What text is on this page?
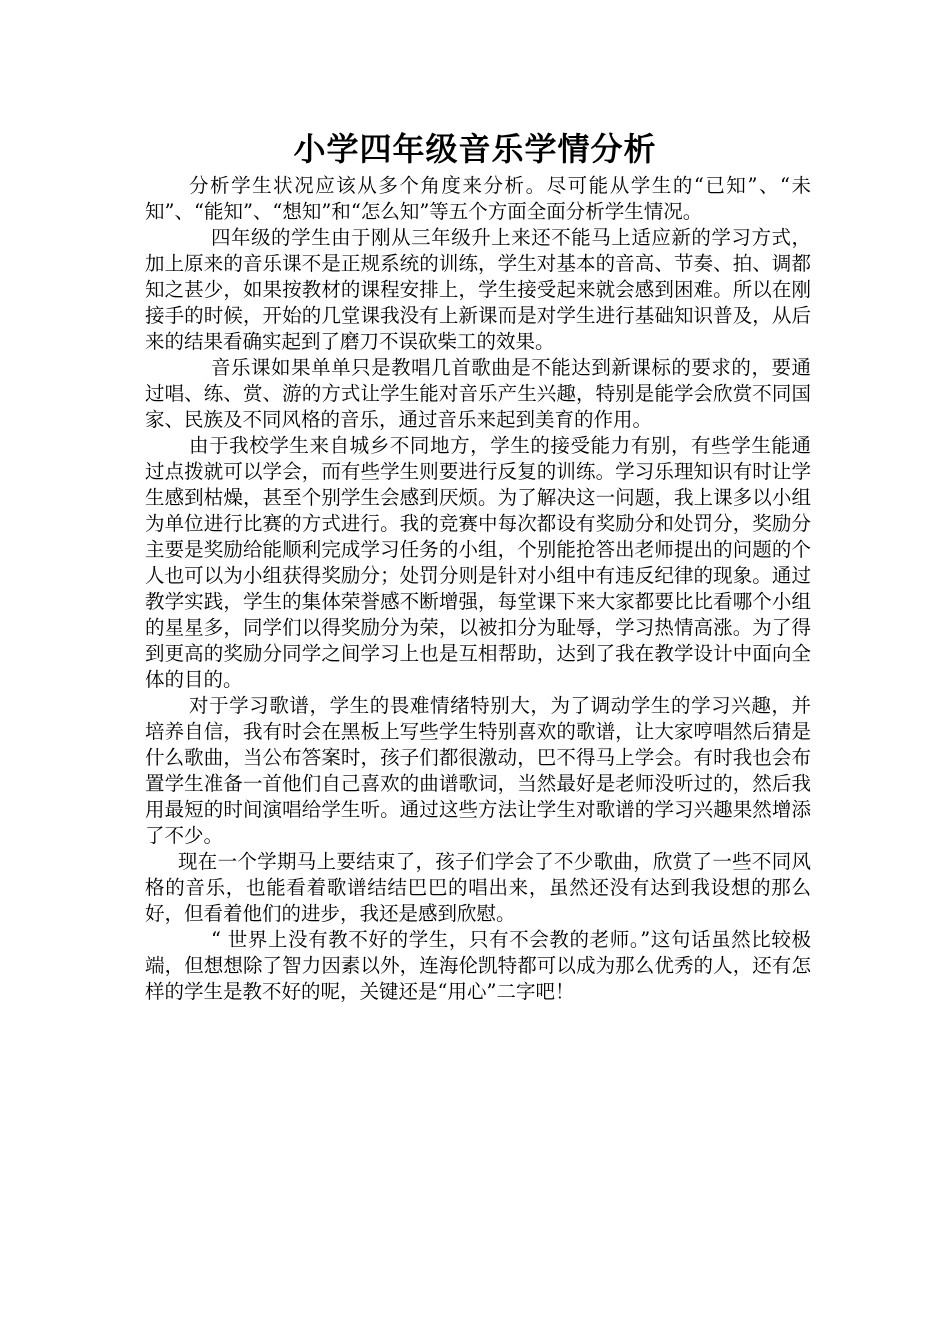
小学四年级音乐学情分析

分析学生状况应该从多个角度来分析。尽可能从学生的“已知”、“未知”、“能知”、“想知”和“怎么知”等五个方面全面分析学生情况。

四年级的学生由于刚从三年级升上来还不能马上适应新的学习方式，加上原来的音乐课不是正规系统的训练，学生对基本的音高、节奏、拍、调都知之甚少，如果按教材的课程安排上，学生接受起来就会感到困难。所以在刚接手的时候，开始的几堂课我没有上新课而是对学生进行基础知识普及，从后来的结果看确实起到了磨刀不误砍柴工的效果。

音乐课如果单单只是教唱几首歌曲是不能达到新课标的要求的，要通过唱、练、赏、游的方式让学生能对音乐产生兴趣，特别是能学会欣赏不同国家、民族及不同风格的音乐，通过音乐来起到美育的作用。

由于我校学生来自城乡不同地方，学生的接受能力有别，有些学生能通过点拨就可以学会，而有些学生则要进行反复的训练。学习乐理知识有时让学生感到枯燥，甚至个别学生会感到厌烦。为了解决这一问题，我上课多以小组为单位进行比赛的方式进行。我的竞赛中每次都设有奖励分和处罚分，奖励分主要是奖励给能顺利完成学习任务的小组，个别能抢答出老师提出的问题的个人也可以为小组获得奖励分；处罚分则是针对小组中有违反纪律的现象。通过教学实践，学生的集体荣誉感不断增强，每堂课下来大家都要比比看哪个小组的星星多，同学们以得奖励分为荣，以被扣分为耻辱，学习热情高涨。为了得到更高的奖励分同学之间学习上也是互相帮助，达到了我在教学设计中面向全体的目的。

对于学习歌谱，学生的畏难情绪特别大，为了调动学生的学习兴趣，并培养自信，我有时会在黑板上写些学生特别喜欢的歌谱，让大家哼唱然后猜是什么歌曲，当公布答案时，孩子们都很激动，巴不得马上学会。有时我也会布置学生准备一首他们自己喜欢的曲谱歌词，当然最好是老师没听过的，然后我用最短的时间演唱给学生听。通过这些方法让学生对歌谱的学习兴趣果然增添了不少。

现在一个学期马上要结束了，孩子们学会了不少歌曲，欣赏了一些不同风格的音乐，也能看着歌谱结结巴巴的唱出来，虽然还没有达到我设想的那么好，但看着他们的进步，我还是感到欣慰。

“ 世界上没有教不好的学生，只有不会教的老师。”这句话虽然比较极端，但想想除了智力因素以外，连海伦凯特都可以成为那么优秀的人，还有怎样的学生是教不好的呢，关键还是“用心”二字吧！
